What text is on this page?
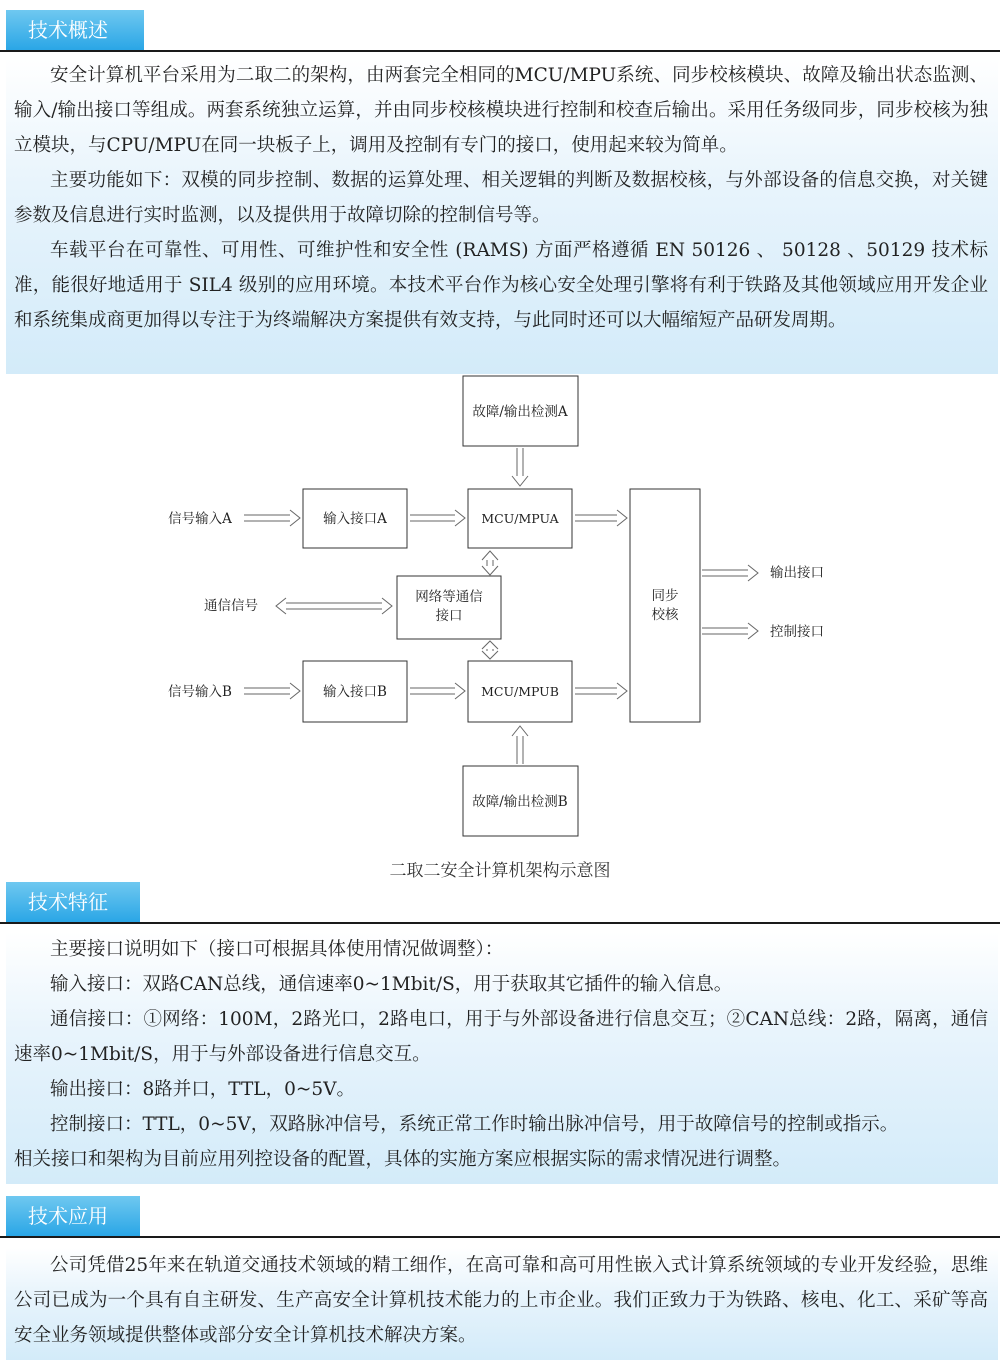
技术概述

安全计算机平台采用为二取二的架构，由两套完全相同的MCU/MPU系统、同步校核模块、故障及输出状态监测、输入/输出接口等组成。两套系统独立运算，并由同步校核模块进行控制和校查后输出。采用任务级同步，同步校核为独立模块，与CPU/MPU在同一块板子上，调用及控制有专门的接口，使用起来较为简单。

主要功能如下：双模的同步控制、数据的运算处理、相关逻辑的判断及数据校核，与外部设备的信息交换，对关键参数及信息进行实时监测，以及提供用于故障切除的控制信号等。

车载平台在可靠性、可用性、可维护性和安全性 (RAMS) 方面严格遵循 EN 50126 、 50128 、50129 技术标准，能很好地适用于 SIL4 级别的应用环境。本技术平台作为核心安全处理引擎将有利于铁路及其他领域应用开发企业和系统集成商更加得以专注于为终端解决方案提供有效支持，与此同时还可以大幅缩短产品研发周期。

故障/输出检测A
信号输入A	输入接口A	MCU/MPUA
通信信号
网络等通信
接口
同步
校核
输出接口
控制接口
信号输入B	输入接口B	MCU/MPUB
故障/输出检测B
二取二安全计算机架构示意图
技术特征

主要接口说明如下（接口可根据具体使用情况做调整）：

输入接口：双路CAN总线，通信速率0~1Mbit/S，用于获取其它插件的输入信息。

通信接口：①网络：100M，2路光口，2路电口，用于与外部设备进行信息交互；②CAN总线：2路，隔离，通信速率0~1Mbit/S，用于与外部设备进行信息交互。

输出接口：8路并口，TTL，0~5V。

控制接口：TTL，0~5V，双路脉冲信号，系统正常工作时输出脉冲信号，用于故障信号的控制或指示。

相关接口和架构为目前应用列控设备的配置，具体的实施方案应根据实际的需求情况进行调整。

技术应用

公司凭借25年来在轨道交通技术领域的精工细作，在高可靠和高可用性嵌入式计算系统领域的专业开发经验，思维公司已成为一个具有自主研发、生产高安全计算机技术能力的上市企业。我们正致力于为铁路、核电、化工、采矿等高安全业务领域提供整体或部分安全计算机技术解决方案。
